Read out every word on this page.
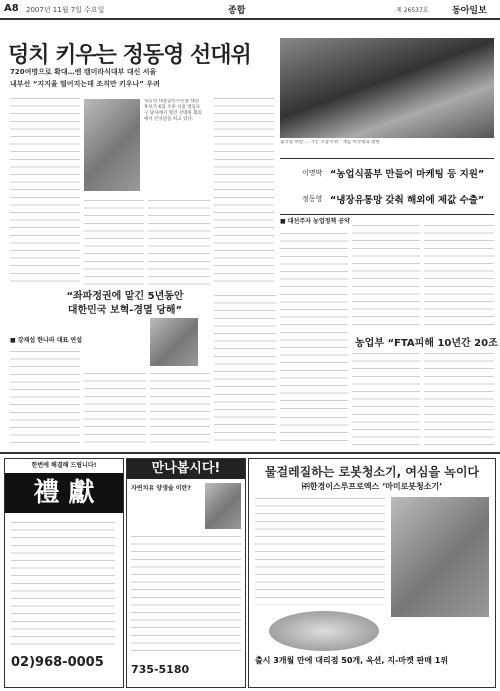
A8 2007년 11월 7일 수요일	종합	제 26537호	동아일보
덩치 키우는 정동영 선대위
720여명으로 확대…엔 캠미라식대부 대신 서울
내부선 “지지율 떨어지는데 조직만 키우나” 우려
정동영 대통합민주신당 대선 후보가 6일 오후 서울 영등포구 당사에서 열린 선대위 회의에서 인사말을 하고 있다.
출국장 떠난 … 가는 조롱시위 · 재임 미국대표 방한
이명박 “농업식품부 만들어 마케팅 등 지원”
정동영 “냉장유통망 갖춰 해외에 제값 수출”
■ 대선주자 농업정책 공약
농업부 “FTA피해 10년간 20조
“좌파정권에 맡긴 5년동안
대한민국 보혁-경멸 당해”
■ 강재섭 한나라 대표 연설
한번에 해결해 드립니다!
禮 獻
02)968-0005
만나봅시다!
자연치유 양생술 이란?
735-5180
물걸레질하는 로봇청소기, 여심을 녹이다
㈜한경이스루프로엑스 ‘마미로봇청소기’
출시 3개월 만에 대리점 50개, 옥션, 지-마켓 판매 1위
